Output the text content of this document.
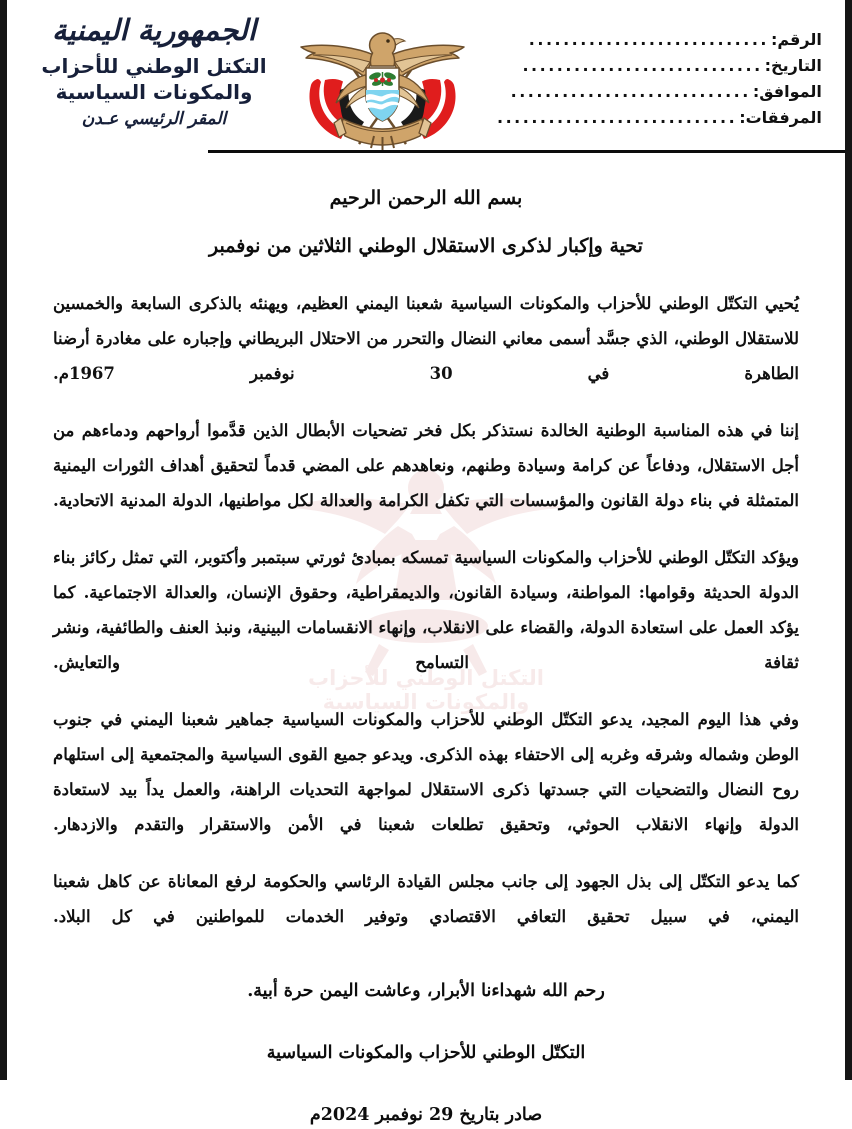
التكتل الوطني للأحزاب
والمكونات السياسية
الجمهورية اليمنية
التكتل الوطني للأحزاب
والمكونات السياسية
المقر الرئيسي عـدن
الرقم:
............................
التاريخ:
............................
الموافق:
............................
المرفقات:
............................
بسم الله الرحمن الرحيم
تحية وإكبار لذكرى الاستقلال الوطني الثلاثين من نوفمبر

يُحيي التكتّل الوطني للأحزاب والمكونات السياسية شعبنا اليمني العظيم، ويهنئه بالذكرى السابعة والخمسين للاستقلال الوطني، الذي جسَّد أسمى معاني النضال والتحرر من الاحتلال البريطاني وإجباره على مغادرة أرضنا الطاهرة في 30 نوفمبر 1967م.

إننا في هذه المناسبة الوطنية الخالدة نستذكر بكل فخر تضحيات الأبطال الذين قدَّموا أرواحهم ودماءهم من أجل الاستقلال، ودفاعاً عن كرامة وسيادة وطنهم، ونعاهدهم على المضي قدماً لتحقيق أهداف الثورات اليمنية المتمثلة في بناء دولة القانون والمؤسسات التي تكفل الكرامة والعدالة لكل مواطنيها، الدولة المدنية الاتحادية.

ويؤكد التكتّل الوطني للأحزاب والمكونات السياسية تمسكه بمبادئ ثورتي سبتمبر وأكتوبر، التي تمثل ركائز بناء الدولة الحديثة وقوامها: المواطنة، وسيادة القانون، والديمقراطية، وحقوق الإنسان، والعدالة الاجتماعية. كما يؤكد العمل على استعادة الدولة، والقضاء على الانقلاب، وإنهاء الانقسامات البينية، ونبذ العنف والطائفية، ونشر ثقافة التسامح والتعايش.

وفي هذا اليوم المجيد، يدعو التكتّل الوطني للأحزاب والمكونات السياسية جماهير شعبنا اليمني في جنوب الوطن وشماله وشرقه وغربه إلى الاحتفاء بهذه الذكرى. ويدعو جميع القوى السياسية والمجتمعية إلى استلهام روح النضال والتضحيات التي جسدتها ذكرى الاستقلال لمواجهة التحديات الراهنة، والعمل يداً بيد لاستعادة الدولة وإنهاء الانقلاب الحوثي، وتحقيق تطلعات شعبنا في الأمن والاستقرار والتقدم والازدهار.

كما يدعو التكتّل إلى بذل الجهود إلى جانب مجلس القيادة الرئاسي والحكومة لرفع المعاناة عن كاهل شعبنا اليمني، في سبيل تحقيق التعافي الاقتصادي وتوفير الخدمات للمواطنين في كل البلاد.

رحم الله شهداءنا الأبرار، وعاشت اليمن حرة أبية.
التكتّل الوطني للأحزاب والمكونات السياسية
صادر بتاريخ 29 نوفمبر 2024م
